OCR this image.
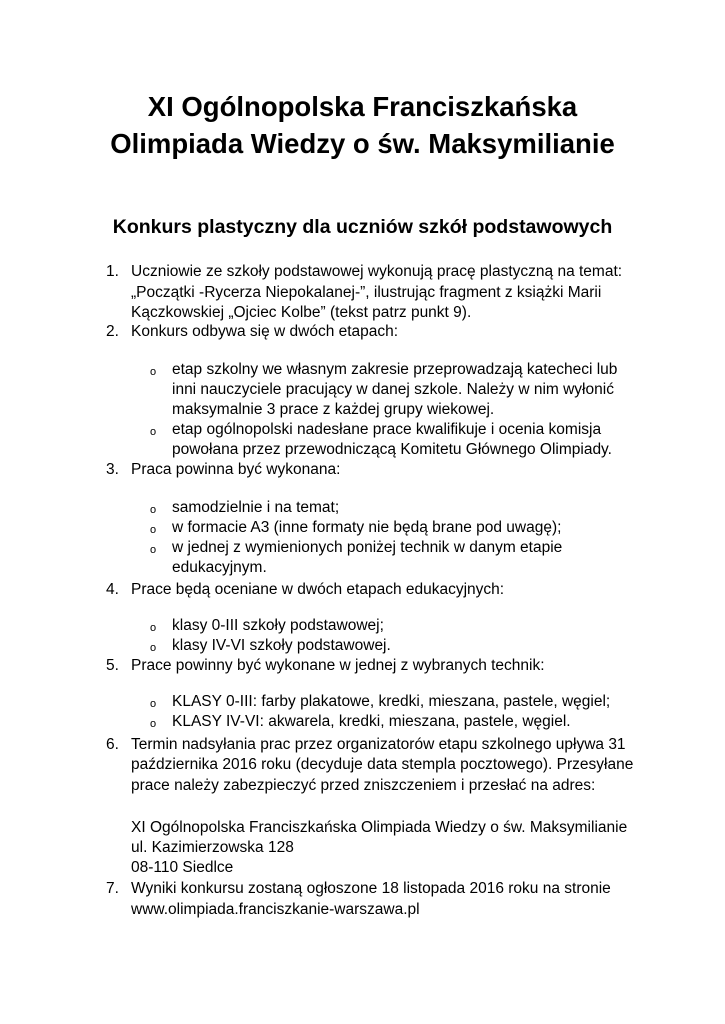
XI Ogólnopolska Franciszkańska
Olimpiada Wiedzy o św. Maksymilianie
Konkurs plastyczny dla uczniów szkół podstawowych
1. Uczniowie ze szkoły podstawowej wykonują pracę plastyczną na temat:
„Początki -Rycerza Niepokalanej-”, ilustrując fragment z książki Marii
Kączkowskiej „Ojciec Kolbe” (tekst patrz punkt 9).
2. Konkurs odbywa się w dwóch etapach:
o etap szkolny we własnym zakresie przeprowadzają katecheci lub
inni nauczyciele pracujący w danej szkole. Należy w nim wyłonić
maksymalnie 3 prace z każdej grupy wiekowej.
o etap ogólnopolski nadesłane prace kwalifikuje i ocenia komisja
powołana przez przewodniczącą Komitetu Głównego Olimpiady.
3. Praca powinna być wykonana:
o samodzielnie i na temat;
o w formacie A3 (inne formaty nie będą brane pod uwagę);
o w jednej z wymienionych poniżej technik w danym etapie
edukacyjnym.
4. Prace będą oceniane w dwóch etapach edukacyjnych:
o klasy 0-III szkoły podstawowej;
o klasy IV-VI szkoły podstawowej.
5. Prace powinny być wykonane w jednej z wybranych technik:
o KLASY 0-III: farby plakatowe, kredki, mieszana, pastele, węgiel;
o KLASY IV-VI: akwarela, kredki, mieszana, pastele, węgiel.
6. Termin nadsyłania prac przez organizatorów etapu szkolnego upływa 31
października 2016 roku (decyduje data stempla pocztowego). Przesyłane
prace należy zabezpieczyć przed zniszczeniem i przesłać na adres:
XI Ogólnopolska Franciszkańska Olimpiada Wiedzy o św. Maksymilianie
ul. Kazimierzowska 128
08-110 Siedlce
7. Wyniki konkursu zostaną ogłoszone 18 listopada 2016 roku na stronie
www.olimpiada.franciszkanie-warszawa.pl
